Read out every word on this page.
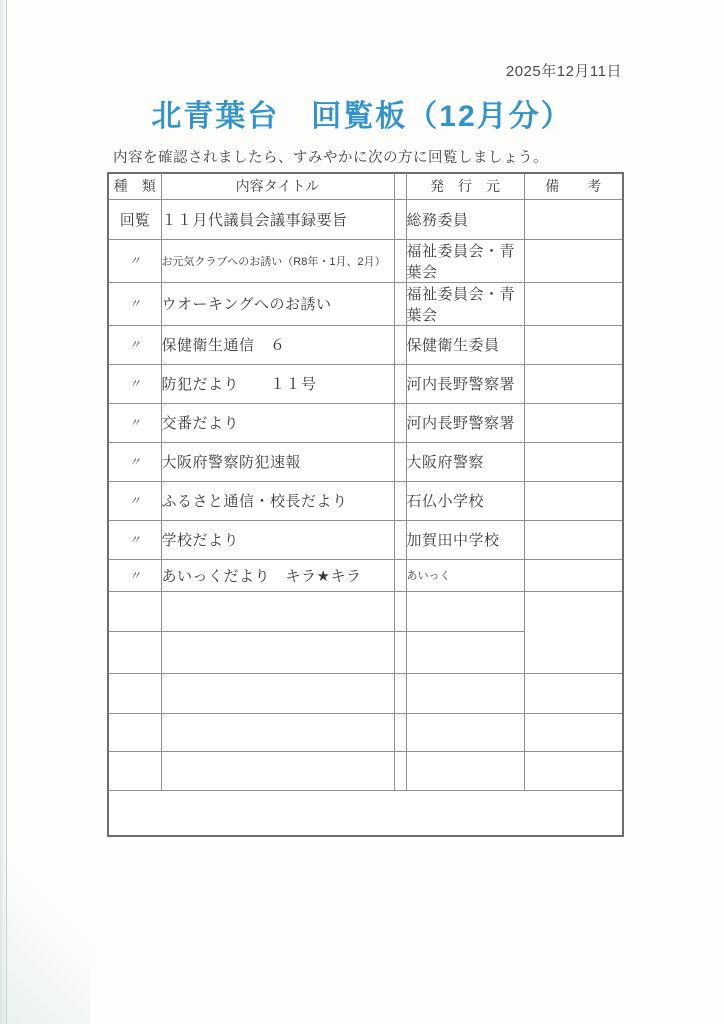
2025年12月11日
北青葉台　回覧板（12月分）
内容を確認されましたら、すみやかに次の方に回覧しましょう。
種　類	内容タイトル		発　行　元	備　　考
回覧	１１月代議員会議事録要旨		総務委員	
〃	お元気クラブへのお誘い（R8年・1月、2月）		福祉委員会・青葉会	
〃	ウオーキングへのお誘い		福祉委員会・青葉会	
〃	保健衛生通信　６		保健衛生委員	
〃	防犯だより　　１１号		河内長野警察署	
〃	交番だより		河内長野警察署	
〃	大阪府警察防犯速報		大阪府警察	
〃	ふるさと通信・校長だより		石仏小学校	
〃	学校だより		加賀田中学校	
〃	あいっくだより　キラ★キラ		あいっく	
